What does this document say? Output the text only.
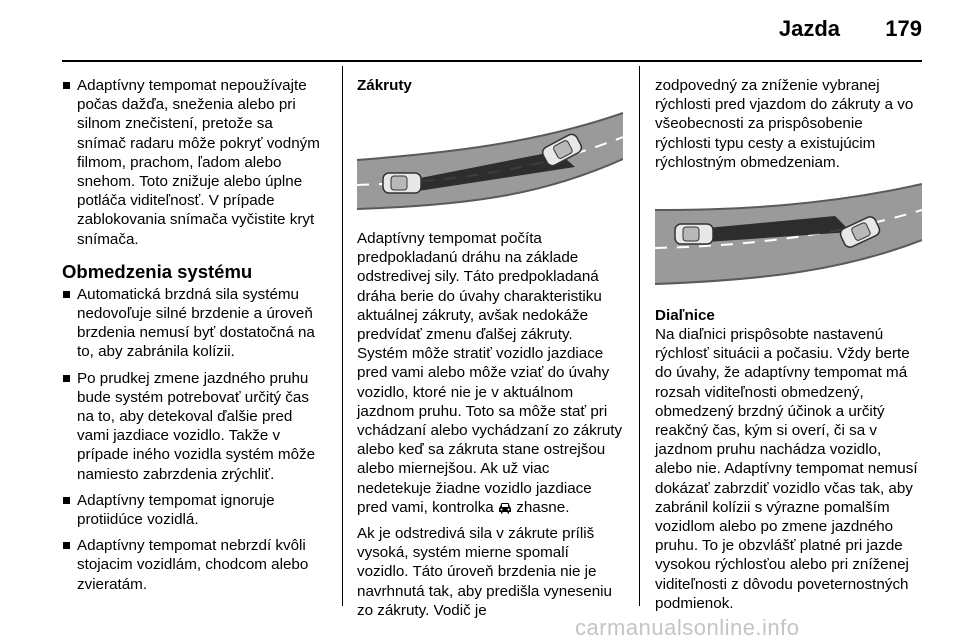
Jazda 179
Adaptívny tempomat nepoužívajte počas dažďa, sneženia alebo pri silnom znečistení, pretože sa snímač radaru môže pokryť vodným filmom, prachom, ľadom alebo snehom. Toto znižuje alebo úplne potláča viditeľnosť. V prípade zablokovania snímača vyčistite kryt snímača.
Obmedzenia systému
Automatická brzdná sila systému nedovoľuje silné brzdenie a úroveň brzdenia nemusí byť dostatočná na to, aby zabránila kolízii.
Po prudkej zmene jazdného pruhu bude systém potrebovať určitý čas na to, aby detekoval ďalšie pred vami jazdiace vozidlo. Takže v prípade iného vozidla systém môže namiesto zabrzdenia zrýchliť.
Adaptívny tempomat ignoruje protiidúce vozidlá.
Adaptívny tempomat nebrzdí kvôli stojacim vozidlám, chodcom alebo zvieratám.
Zákruty

Adaptívny tempomat počíta predpokladanú dráhu na základe odstredivej sily. Táto predpokladaná dráha berie do úvahy charakteristiku aktuálnej zákruty, avšak nedokáže predvídať zmenu ďalšej zákruty. Systém môže stratiť vozidlo jazdiace pred vami alebo môže vziať do úvahy vozidlo, ktoré nie je v aktuálnom jazdnom pruhu. Toto sa môže stať pri vchádzaní alebo vychádzaní zo zákruty alebo keď sa zákruta stane ostrejšou alebo miernejšou. Ak už viac nedetekuje žiadne vozidlo jazdiace pred vami, kontrolka zhasne.

Ak je odstredivá sila v zákrute príliš vysoká, systém mierne spomalí vozidlo. Táto úroveň brzdenia nie je navrhnutá tak, aby predišla vyneseniu zo zákruty. Vodič je

zodpovedný za zníženie vybranej rýchlosti pred vjazdom do zákruty a vo všeobecnosti za prispôsobenie rýchlosti typu cesty a existujúcim rýchlostným obmedzeniam.

Diaľnice

Na diaľnici prispôsobte nastavenú rýchlosť situácii a počasiu. Vždy berte do úvahy, že adaptívny tempomat má rozsah viditeľnosti obmedzený, obmedzený brzdný účinok a určitý reakčný čas, kým si overí, či sa v jazdnom pruhu nachádza vozidlo, alebo nie. Adaptívny tempomat nemusí dokázať zabrzdiť vozidlo včas tak, aby zabránil kolízii s výrazne pomalším vozidlom alebo po zmene jazdného pruhu. To je obzvlášť platné pri jazde vysokou rýchlosťou alebo pri zníženej viditeľnosti z dôvodu poveternostných podmienok.

carmanualsonline.info
